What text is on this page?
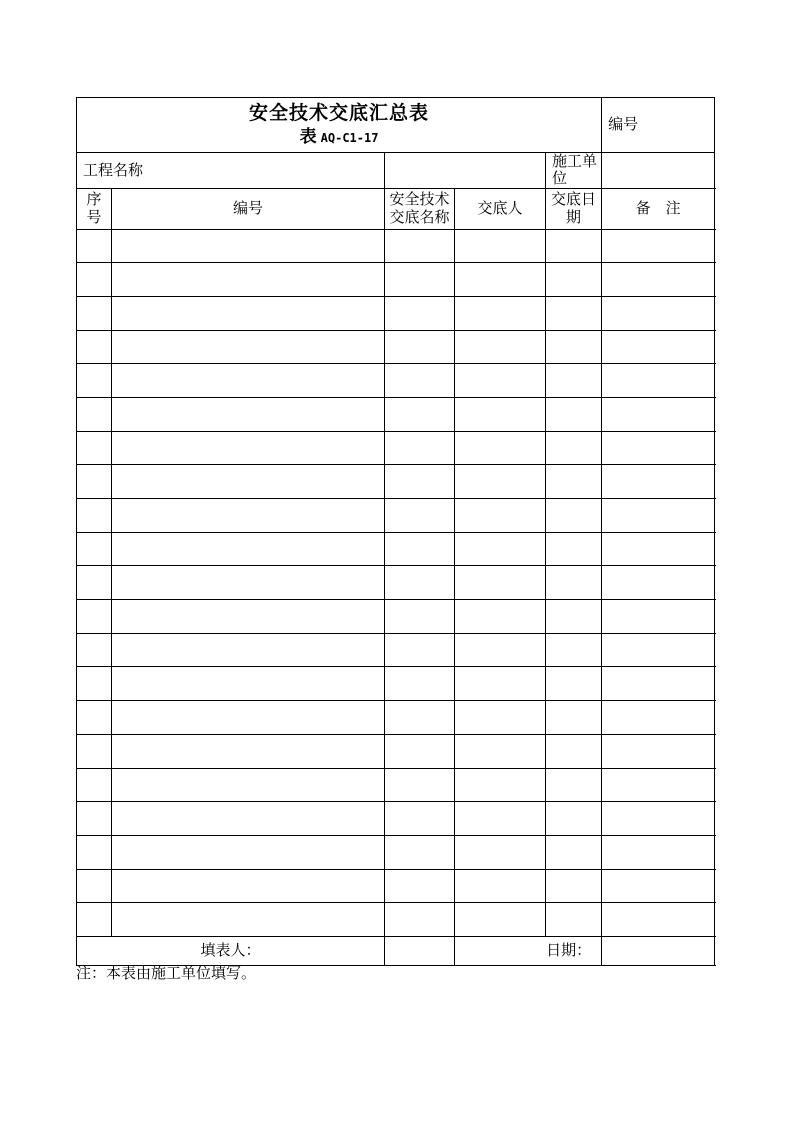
安全技术交底汇总表
表 AQ-C1-17					编号	
工程名称				施工单位		
序
号	编号	安全技术交底名称	交底人	交底日期	备　注	

填表人：			日期：			
注：本表由施工单位填写。
